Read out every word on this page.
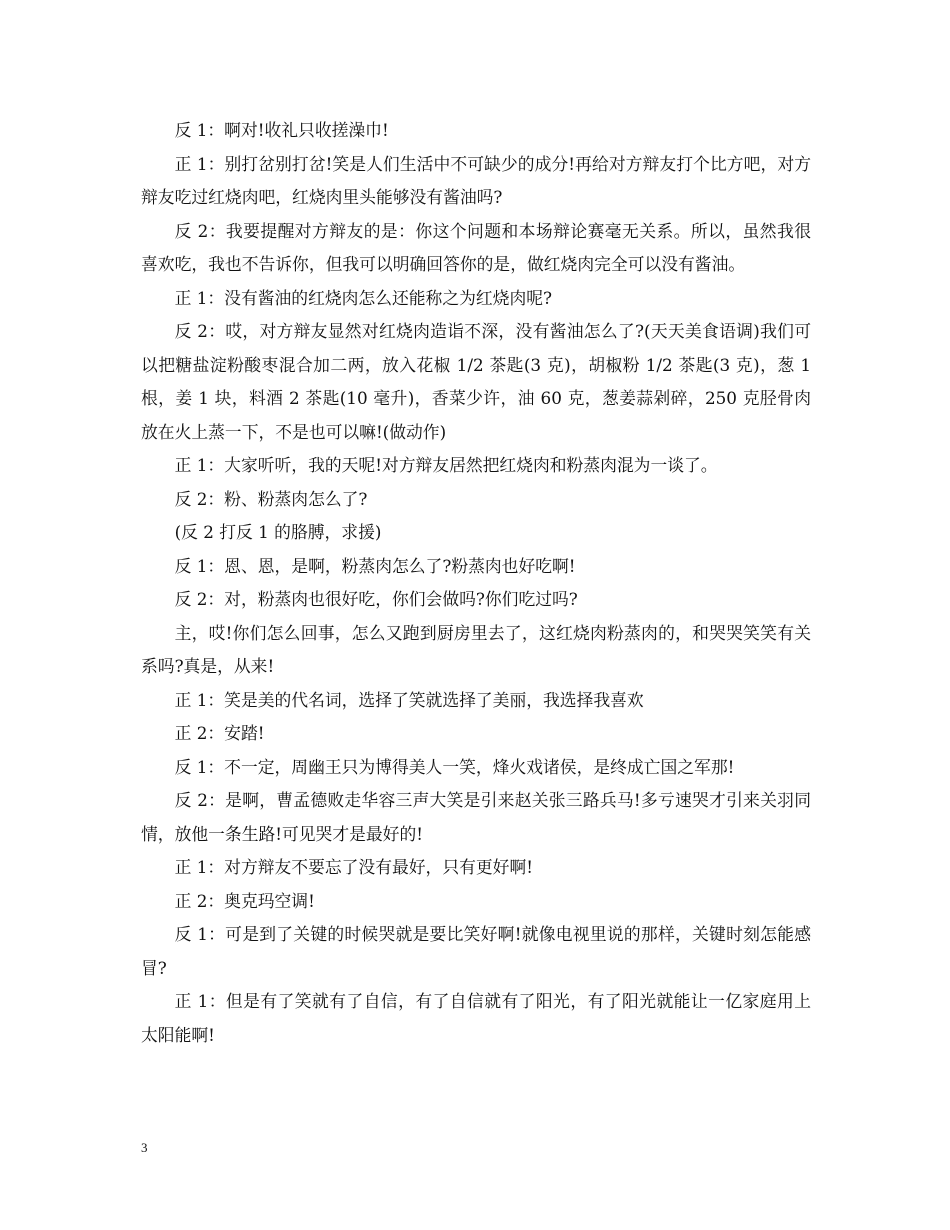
反 1：啊对!收礼只收搓澡巾!

正 1：别打岔别打岔!笑是人们生活中不可缺少的成分!再给对方辩友打个比方吧，对方辩友吃过红烧肉吧，红烧肉里头能够没有酱油吗?

反 2：我要提醒对方辩友的是：你这个问题和本场辩论赛毫无关系。所以，虽然我很喜欢吃，我也不告诉你，但我可以明确回答你的是，做红烧肉完全可以没有酱油。

正 1：没有酱油的红烧肉怎么还能称之为红烧肉呢?

反 2：哎，对方辩友显然对红烧肉造诣不深，没有酱油怎么了?(天天美食语调)我们可以把糖盐淀粉酸枣混合加二两，放入花椒 1/2 茶匙(3 克)，胡椒粉 1/2 茶匙(3 克)，葱 1 根，姜 1 块，料酒 2 茶匙(10 毫升)，香菜少许，油 60 克，葱姜蒜剁碎，250 克胫骨肉放在火上蒸一下，不是也可以嘛!(做动作)

正 1：大家听听，我的天呢!对方辩友居然把红烧肉和粉蒸肉混为一谈了。

反 2：粉、粉蒸肉怎么了?

(反 2 打反 1 的胳膊，求援)

反 1：恩、恩，是啊，粉蒸肉怎么了?粉蒸肉也好吃啊!

反 2：对，粉蒸肉也很好吃，你们会做吗?你们吃过吗?

主，哎!你们怎么回事，怎么又跑到厨房里去了，这红烧肉粉蒸肉的，和哭哭笑笑有关系吗?真是，从来!

正 1：笑是美的代名词，选择了笑就选择了美丽，我选择我喜欢

正 2：安踏!

反 1：不一定，周幽王只为博得美人一笑，烽火戏诸侯，是终成亡国之军那!

反 2：是啊，曹孟德败走华容三声大笑是引来赵关张三路兵马!多亏速哭才引来关羽同情，放他一条生路!可见哭才是最好的!

正 1：对方辩友不要忘了没有最好，只有更好啊!

正 2：奥克玛空调!

反 1：可是到了关键的时候哭就是要比笑好啊!就像电视里说的那样，关键时刻怎能感冒?

正 1：但是有了笑就有了自信，有了自信就有了阳光，有了阳光就能让一亿家庭用上太阳能啊!

3
